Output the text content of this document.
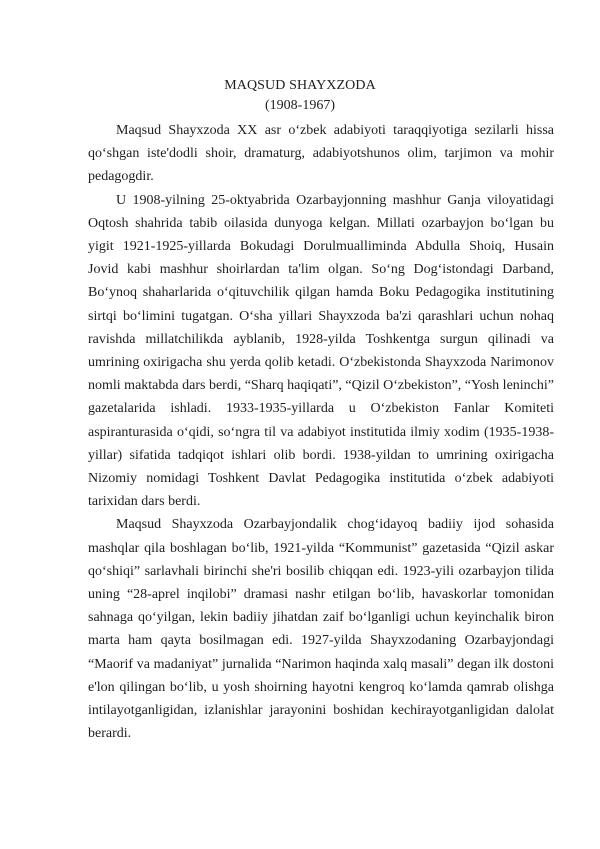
MAQSUD SHAYXZODA
(1908-1967)

Maqsud Shayxzoda XX asr oʻzbek adabiyoti taraqqiyotiga sezilarli hissa qoʻshgan iste'dodli shoir, dramaturg, adabiyotshunos olim, tarjimon va mohir pedagogdir.

U 1908-yilning 25-oktyabrida Ozarbayjonning mashhur Ganja viloyatidagi Oqtosh shahrida tabib oilasida dunyoga kelgan. Millati ozarbayjon boʻlgan bu yigit 1921-1925-yillarda Bokudagi Dorulmualliminda Abdulla Shoiq, Husain Jovid kabi mashhur shoirlardan ta'lim olgan. Soʻng Dogʻistondagi Darband, Boʻynoq shaharlarida oʻqituvchilik qilgan hamda Boku Pedagogika institutining sirtqi boʻlimini tugatgan. Oʻsha yillari Shayxzoda ba'zi qarashlari uchun nohaq ravishda millatchilikda ayblanib, 1928-yilda Toshkentga surgun qilinadi va umrining oxirigacha shu yerda qolib ketadi. Oʻzbekistonda Shayxzoda Narimonov nomli maktabda dars berdi, “Sharq haqiqati”, “Qizil Oʻzbekiston”, “Yosh leninchi” gazetalarida ishladi. 1933-1935-yillarda u Oʻzbekiston Fanlar Komiteti aspiranturasida oʻqidi, soʻngra til va adabiyot institutida ilmiy xodim (1935-1938-yillar) sifatida tadqiqot ishlari olib bordi. 1938-yildan to umrining oxirigacha Nizomiy nomidagi Toshkent Davlat Pedagogika institutida oʻzbek adabiyoti tarixidan dars berdi.

Maqsud Shayxzoda Ozarbayjondalik chogʻidayoq badiiy ijod sohasida mashqlar qila boshlagan boʻlib, 1921-yilda “Kommunist” gazetasida “Qizil askar qoʻshiqi” sarlavhali birinchi she'ri bosilib chiqqan edi. 1923-yili ozarbayjon tilida uning “28-aprel inqilobi” dramasi nashr etilgan boʻlib, havaskorlar tomonidan sahnaga qoʻyilgan, lekin badiiy jihatdan zaif boʻlganligi uchun keyinchalik biron marta ham qayta bosilmagan edi. 1927-yilda Shayxzodaning Ozarbayjondagi “Maorif va madaniyat” jurnalida “Narimon haqinda xalq masali” degan ilk dostoni e'lon qilingan boʻlib, u yosh shoirning hayotni kengroq koʻlamda qamrab olishga intilayotganligidan, izlanishlar jarayonini boshidan kechirayotganligidan dalolat berardi.
